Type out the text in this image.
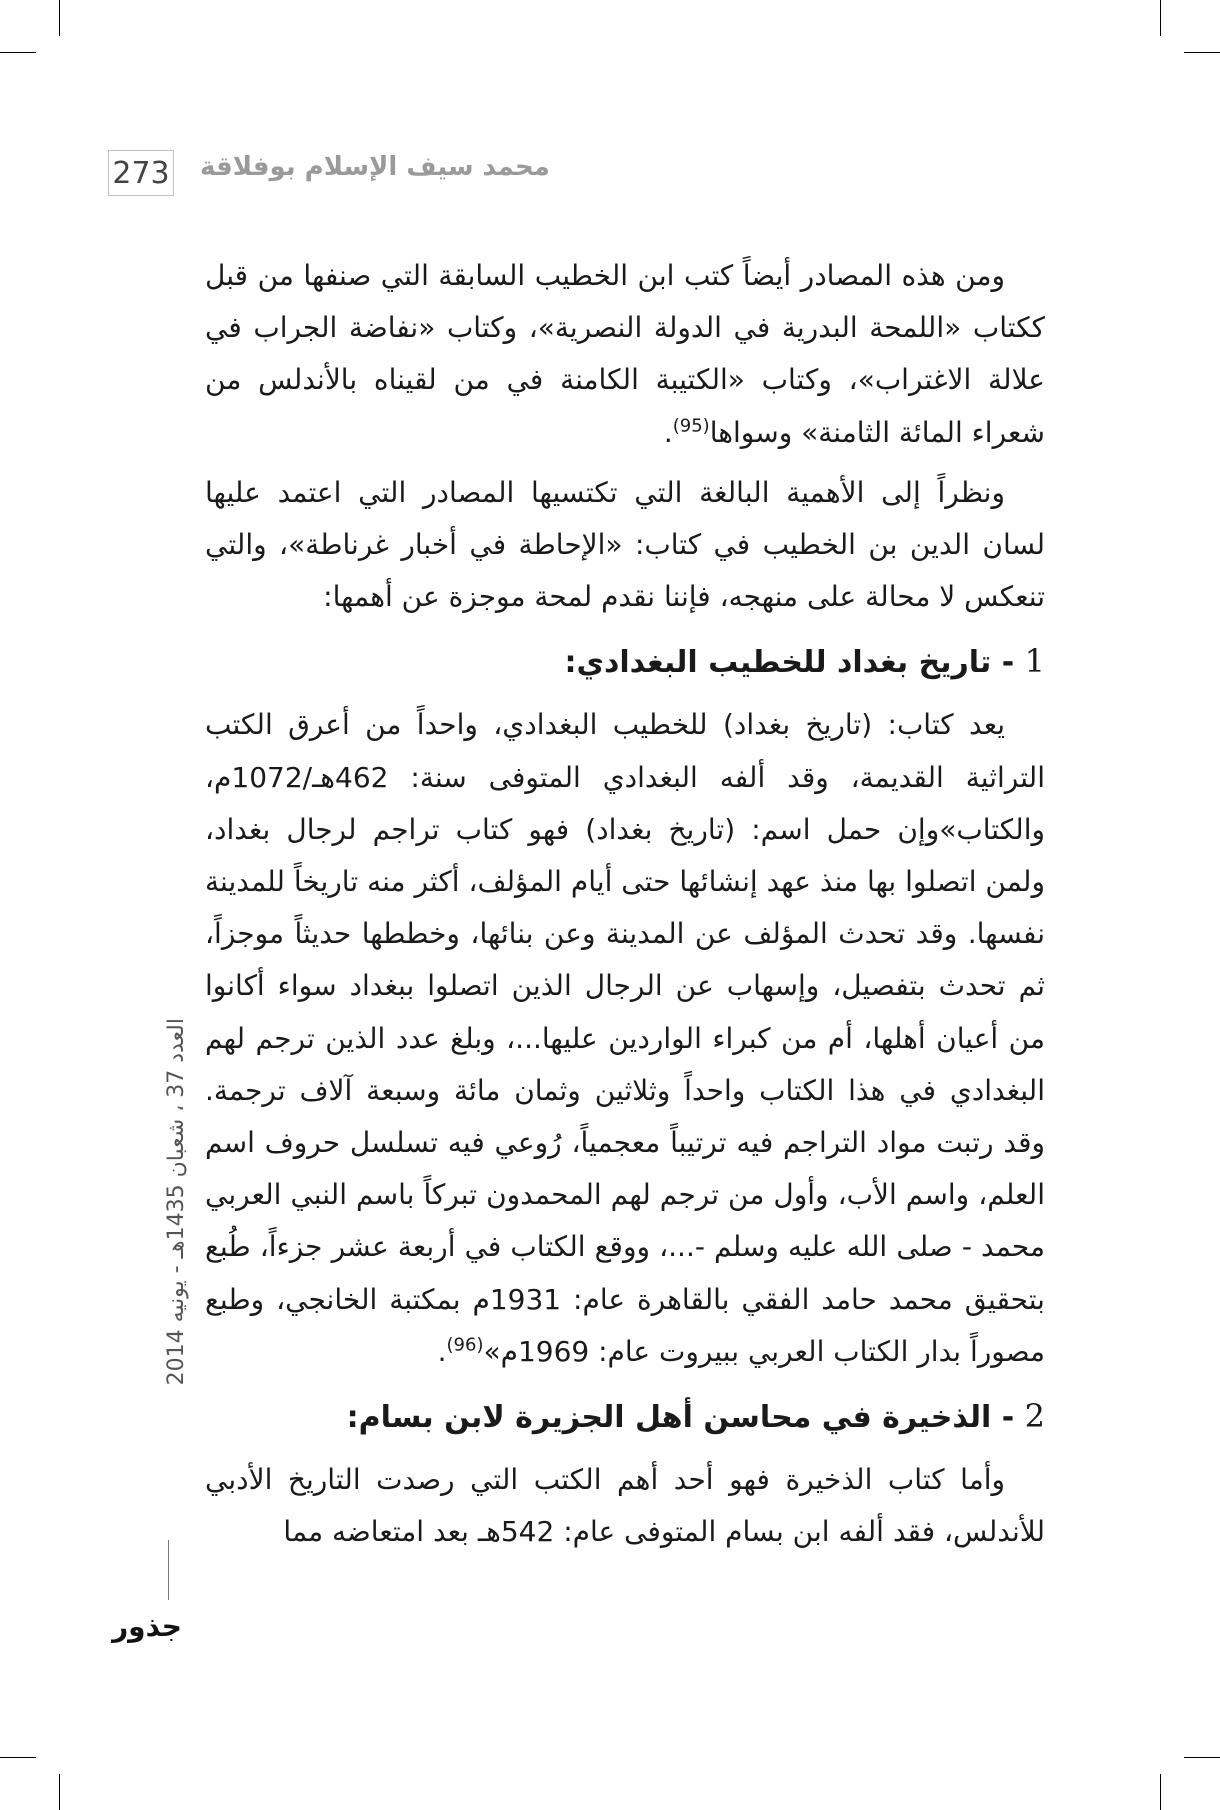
273 محمد سيف الإسلام بوفلاقة

ومن هذه المصادر أيضاً كتب ابن الخطيب السابقة التي صنفها من قبل ككتاب «اللمحة البدرية في الدولة النصرية»، وكتاب «نفاضة الجراب في علالة الاغتراب»، وكتاب «الكتيبة الكامنة في من لقيناه بالأندلس من شعراء المائة الثامنة» وسواها$^{(95)}$.

ونظراً إلى الأهمية البالغة التي تكتسيها المصادر التي اعتمد عليها لسان الدين بن الخطيب في كتاب: «الإحاطة في أخبار غرناطة»، والتي تنعكس لا محالة على منهجه، فإننا نقدم لمحة موجزة عن أهمها:

1 - تاريخ بغداد للخطيب البغدادي:

يعد كتاب: (تاريخ بغداد) للخطيب البغدادي، واحداً من أعرق الكتب التراثية القديمة، وقد ألفه البغدادي المتوفى سنة: 462هـ/1072م، والكتاب»وإن حمل اسم: (تاريخ بغداد) فهو كتاب تراجم لرجال بغداد، ولمن اتصلوا بها منذ عهد إنشائها حتى أيام المؤلف، أكثر منه تاريخاً للمدينة نفسها. وقد تحدث المؤلف عن المدينة وعن بنائها، وخططها حديثاً موجزاً، ثم تحدث بتفصيل، وإسهاب عن الرجال الذين اتصلوا ببغداد سواء أكانوا من أعيان أهلها، أم من كبراء الواردين عليها...، وبلغ عدد الذين ترجم لهم البغدادي في هذا الكتاب واحداً وثلاثين وثمان مائة وسبعة آلاف ترجمة. وقد رتبت مواد التراجم فيه ترتيباً معجمياً، رُوعي فيه تسلسل حروف اسم العلم، واسم الأب، وأول من ترجم لهم المحمدون تبركاً باسم النبي العربي محمد - صلى الله عليه وسلم -...، ووقع الكتاب في أربعة عشر جزءاً، طُبع بتحقيق محمد حامد الفقي بالقاهرة عام: 1931م بمكتبة الخانجي، وطبع مصوراً بدار الكتاب العربي ببيروت عام: 1969م»$^{(96)}$.

2 - الذخيرة في محاسن أهل الجزيرة لابن بسام:

وأما كتاب الذخيرة فهو أحد أهم الكتب التي رصدت التاريخ الأدبي للأندلس، فقد ألفه ابن بسام المتوفى عام: 542هـ بعد امتعاضه مما

العدد 37 ، شعبان 1435هـ - يونيه 2014
جذور
